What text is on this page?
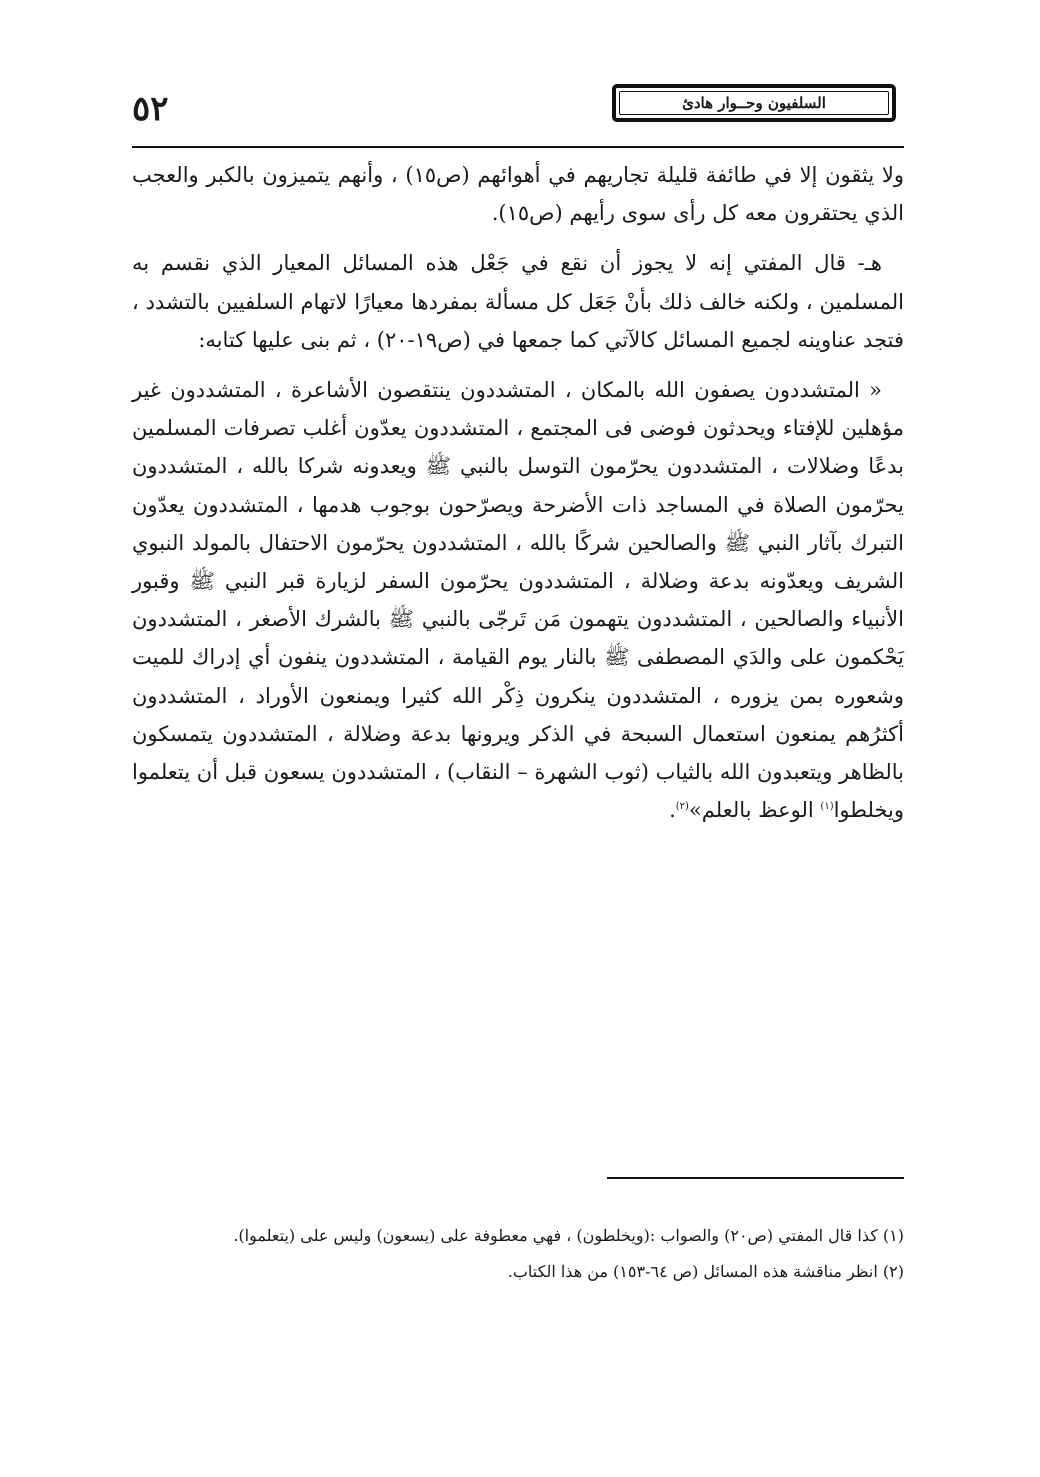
٥٢	السلفيون وحــوار هادئ

ولا يثقون إلا في طائفة قليلة تجاريهم في أهوائهم (ص١٥) ، وأنهم يتميزون بالكبر والعجب الذي يحتقرون معه كل رأى سوى رأيهم (ص١٥).

هـ- قال المفتي إنه لا يجوز أن نقع في جَعْل هذه المسائل المعيار الذي نقسم به المسلمين ، ولكنه خالف ذلك بأنْ جَعَل كل مسألة بمفردها معيارًا لاتهام السلفيين بالتشدد ، فتجد عناوينه لجميع المسائل كالآتي كما جمعها في (ص١٩-٢٠) ، ثم بنى عليها كتابه:

« المتشددون يصفون الله بالمكان ، المتشددون ينتقصون الأشاعرة ، المتشددون غير مؤهلين للإفتاء ويحدثون فوضى فى المجتمع ، المتشددون يعدّون أغلب تصرفات المسلمين بدعًا وضلالات ، المتشددون يحرّمون التوسل بالنبي ﷺ ويعدونه شركا بالله ، المتشددون يحرّمون الصلاة في المساجد ذات الأضرحة ويصرّحون بوجوب هدمها ، المتشددون يعدّون التبرك بآثار النبي ﷺ والصالحين شركًا بالله ، المتشددون يحرّمون الاحتفال بالمولد النبوي الشريف ويعدّونه بدعة وضلالة ، المتشددون يحرّمون السفر لزيارة قبر النبي ﷺ وقبور الأنبياء والصالحين ، المتشددون يتهمون مَن تَرجّى بالنبي ﷺ بالشرك الأصغر ، المتشددون يَحْكمون على والدَي المصطفى ﷺ بالنار يوم القيامة ، المتشددون ينفون أي إدراك للميت وشعوره بمن يزوره ، المتشددون ينكرون ذِكْر الله كثيرا ويمنعون الأوراد ، المتشددون أكثرُهم يمنعون استعمال السبحة في الذكر ويرونها بدعة وضلالة ، المتشددون يتمسكون بالظاهر ويتعبدون الله بالثياب (ثوب الشهرة – النقاب) ، المتشددون يسعون قبل أن يتعلموا ويخلطوا$^{(١)}$ الوعظ بالعلم»$^{(٢)}$.

(١) كذا قال المفتي (ص٢٠) والصواب :(ويخلطون) ، فهي معطوفة على (يسعون) وليس على (يتعلموا).

(٢) انظر مناقشة هذه المسائل (ص ٦٤-١٥٣) من هذا الكتاب.
